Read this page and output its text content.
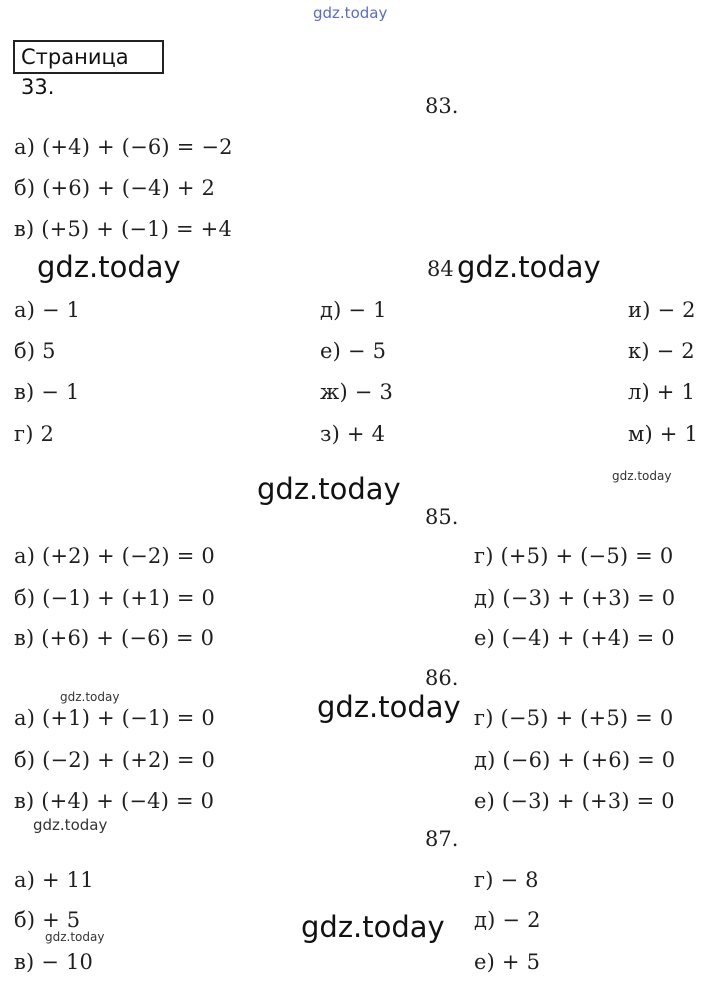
gdz.today
Страница 33.
83.
а) (+4) + (−6) = −2
б) (+6) + (−4) + 2
в) (+5) + (−1) = +4
gdz.today	84 gdz.today
а) − 1
б) 5
в) − 1
г) 2
д) − 1
е) − 5
ж) − 3
з) + 4
и) − 2
к) − 2
л) + 1
м) + 1
gdz.today
gdz.today
85.
а) (+2) + (−2) = 0
б) (−1) + (+1) = 0
в) (+6) + (−6) = 0
г) (+5) + (−5) = 0
д) (−3) + (+3) = 0
е) (−4) + (+4) = 0
86.
gdz.today	gdz.today
а) (+1) + (−1) = 0
б) (−2) + (+2) = 0
в) (+4) + (−4) = 0
г) (−5) + (+5) = 0
д) (−6) + (+6) = 0
е) (−3) + (+3) = 0
gdz.today
87.
а) + 11
б) + 5
gdz.today
в) − 10
gdz.today
г) − 8
д) − 2
е) + 5
